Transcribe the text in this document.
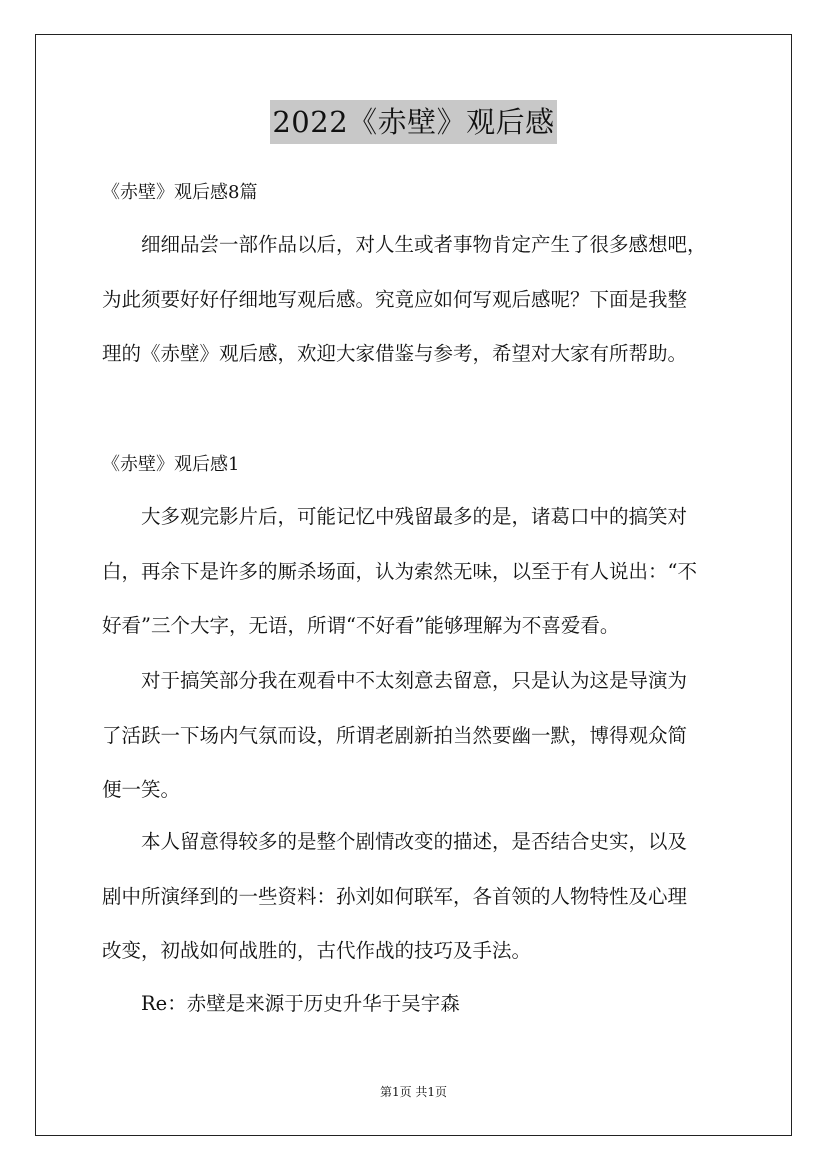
2022《赤壁》观后感
《赤壁》观后感8篇
细细品尝一部作品以后，对人生或者事物肯定产生了很多感想吧，
为此须要好好仔细地写观后感。究竟应如何写观后感呢？下面是我整
理的《赤壁》观后感，欢迎大家借鉴与参考，希望对大家有所帮助。
《赤壁》观后感1
大多观完影片后，可能记忆中残留最多的是，诸葛口中的搞笑对
白，再余下是许多的厮杀场面，认为索然无味，以至于有人说出：“不
好看”三个大字，无语，所谓“不好看”能够理解为不喜爱看。
对于搞笑部分我在观看中不太刻意去留意，只是认为这是导演为
了活跃一下场内气氛而设，所谓老剧新拍当然要幽一默，博得观众简
便一笑。
本人留意得较多的是整个剧情改变的描述，是否结合史实，以及
剧中所演绎到的一些资料：孙刘如何联军，各首领的人物特性及心理
改变，初战如何战胜的，古代作战的技巧及手法。
Re：赤壁是来源于历史升华于吴宇森
第1页 共1页
